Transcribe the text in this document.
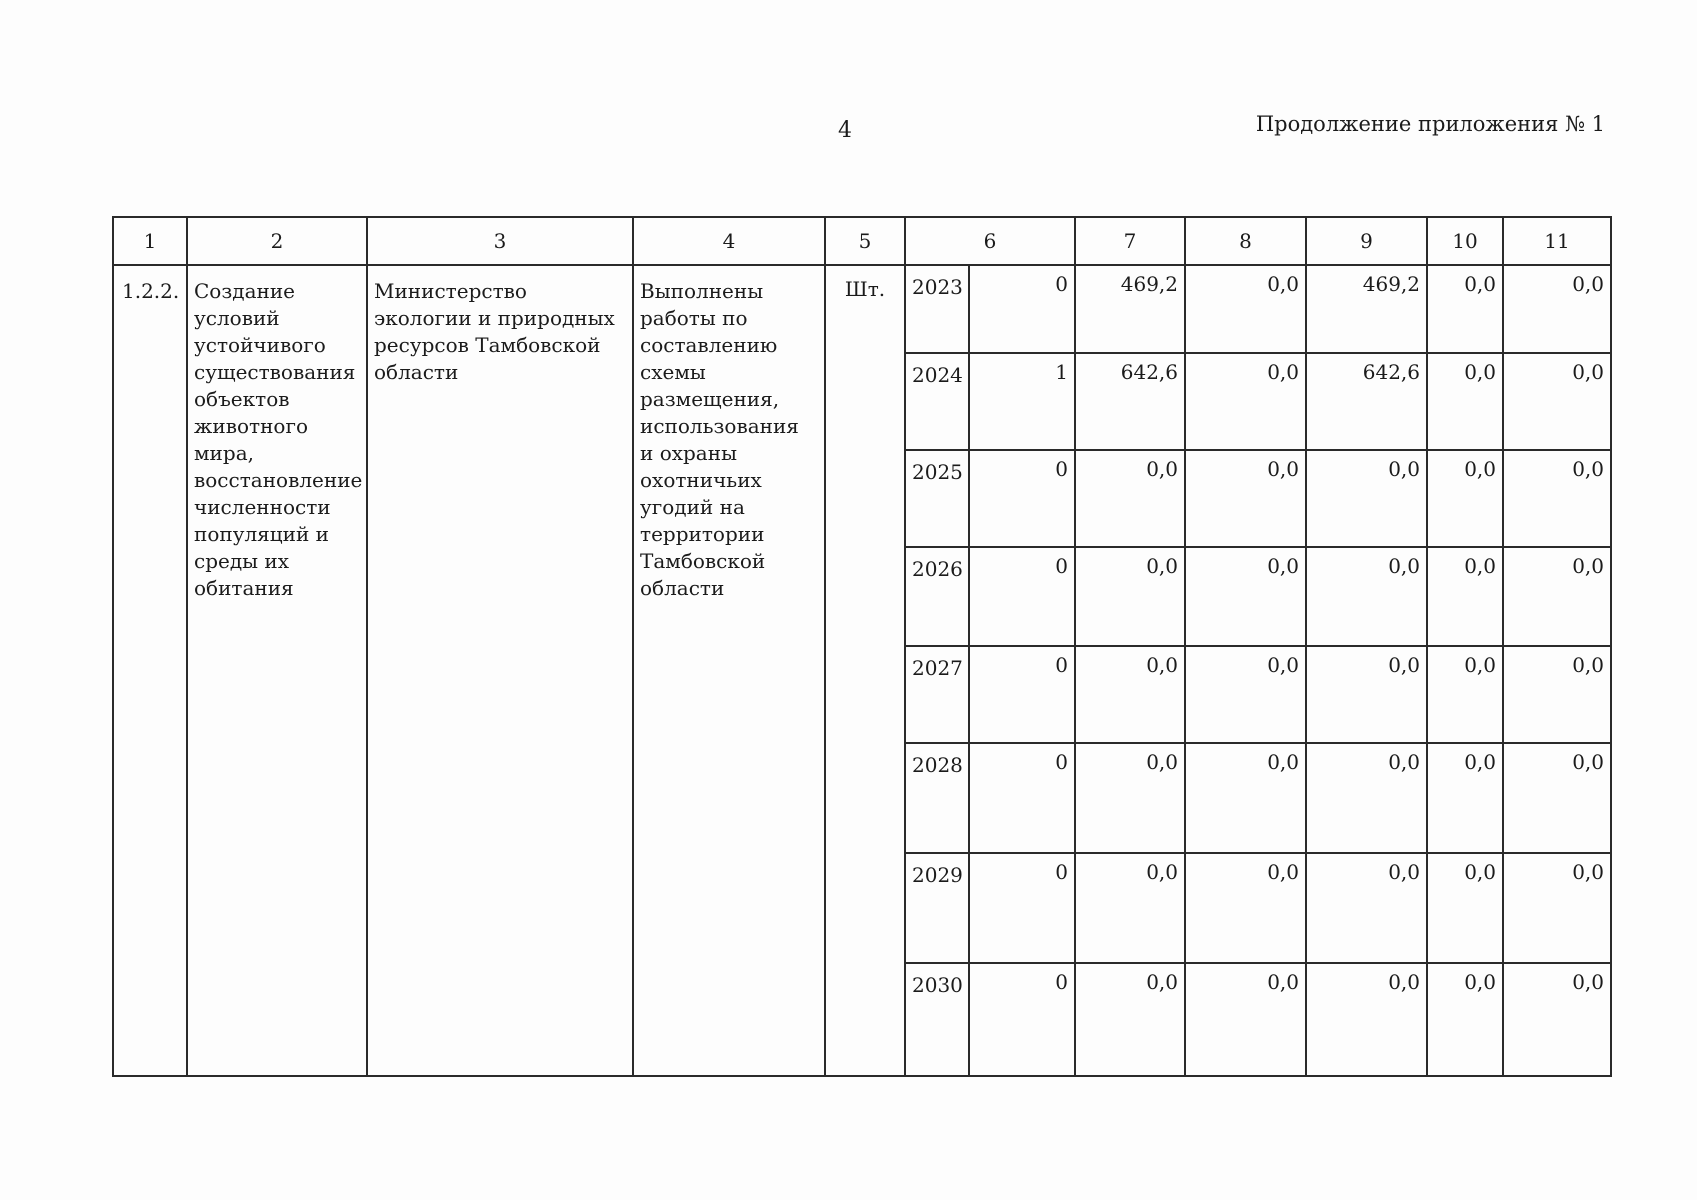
4	Продолжение приложения № 1
1	2	3	4	5	6		7	8	9	10	11
1.2.2.	Создание условий устойчивого существования объектов животного мира, восстановление численности популяций и среды их обитания	Министерство экологии и природных ресурсов Тамбовской области	Выполнены работы по составлению схемы размещения, использования и охраны охотничьих угодий на территории Тамбовской области	Шт.	2023	0	469,2	0,0	469,2	0,0	0,0
					2024	1	642,6	0,0	642,6	0,0	0,0
					2025	0	0,0	0,0	0,0	0,0	0,0
					2026	0	0,0	0,0	0,0	0,0	0,0
					2027	0	0,0	0,0	0,0	0,0	0,0
					2028	0	0,0	0,0	0,0	0,0	0,0
					2029	0	0,0	0,0	0,0	0,0	0,0
					2030	0	0,0	0,0	0,0	0,0	0,0
